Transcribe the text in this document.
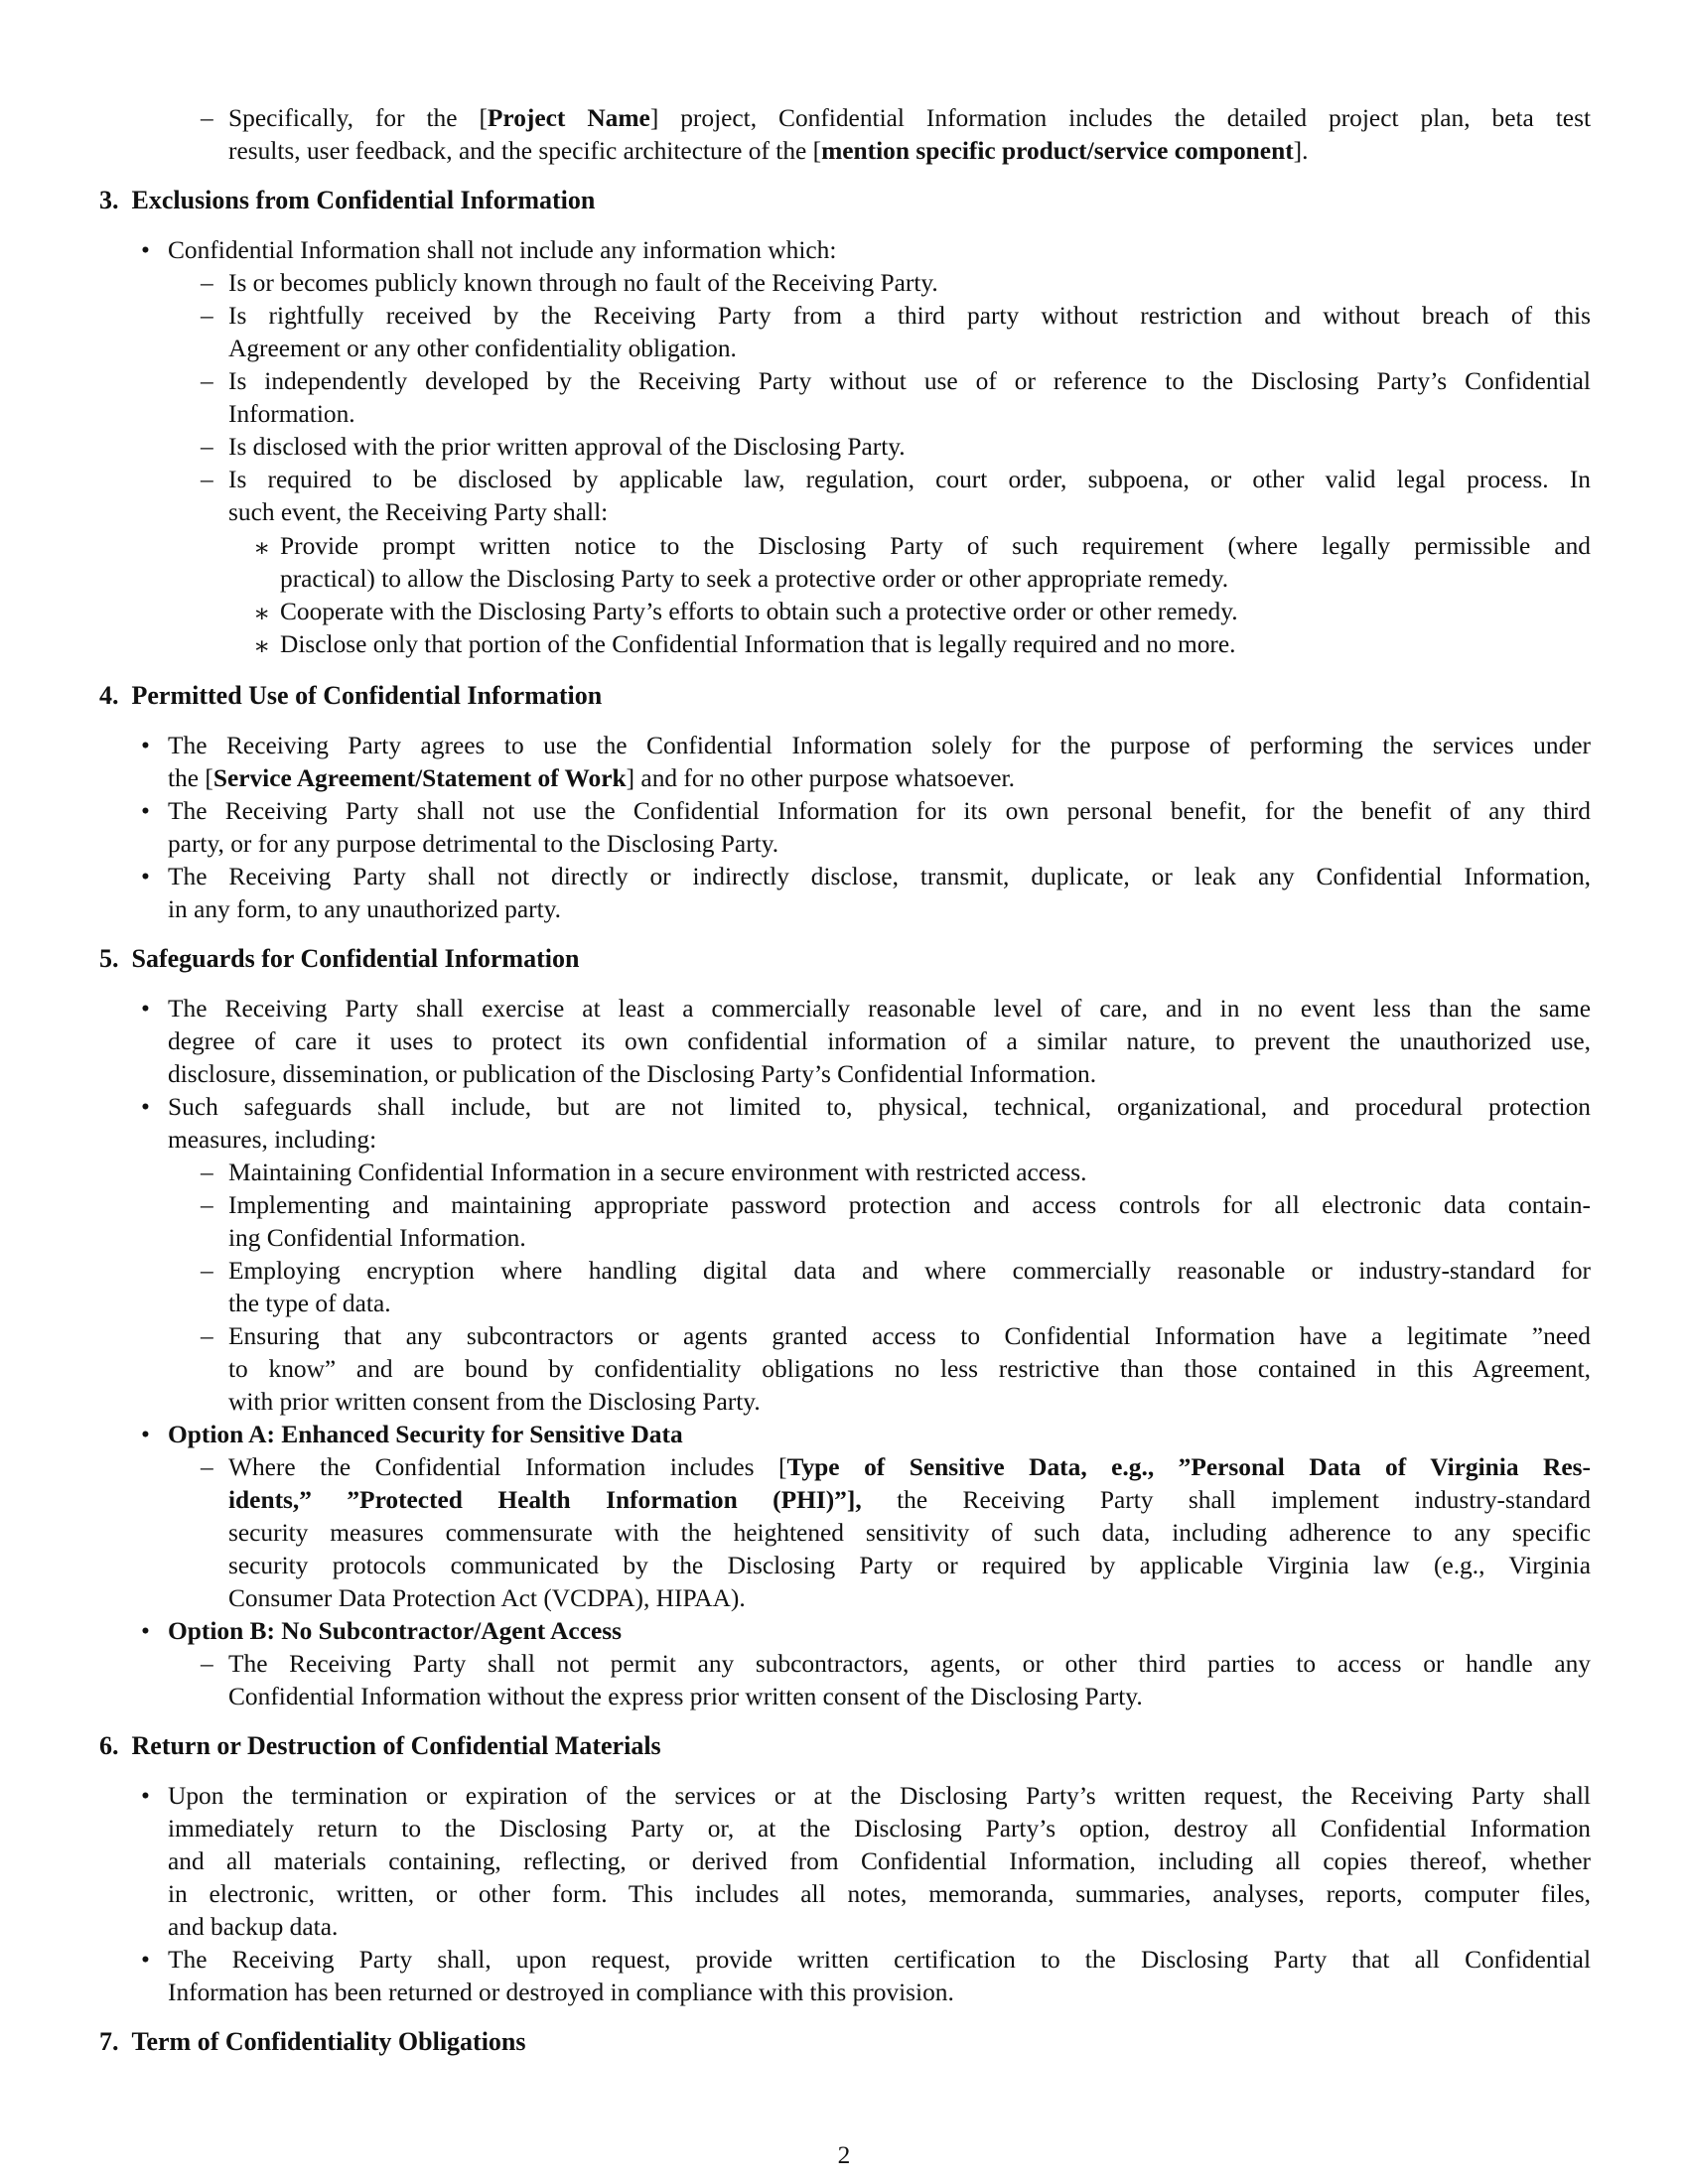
– Specifically, for the [Project Name] project, Confidential Information includes the detailed project plan, beta test
results, user feedback, and the specific architecture of the [mention specific product/service component].
3. Exclusions from Confidential Information
• Confidential Information shall not include any information which:
– Is or becomes publicly known through no fault of the Receiving Party.
– Is rightfully received by the Receiving Party from a third party without restriction and without breach of this
Agreement or any other confidentiality obligation.
– Is independently developed by the Receiving Party without use of or reference to the Disclosing Party’s Confidential
Information.
– Is disclosed with the prior written approval of the Disclosing Party.
– Is required to be disclosed by applicable law, regulation, court order, subpoena, or other valid legal process. In
such event, the Receiving Party shall:
∗ Provide prompt written notice to the Disclosing Party of such requirement (where legally permissible and
practical) to allow the Disclosing Party to seek a protective order or other appropriate remedy.
∗ Cooperate with the Disclosing Party’s efforts to obtain such a protective order or other remedy.
∗ Disclose only that portion of the Confidential Information that is legally required and no more.
4. Permitted Use of Confidential Information
• The Receiving Party agrees to use the Confidential Information solely for the purpose of performing the services under
the [Service Agreement/Statement of Work] and for no other purpose whatsoever.
• The Receiving Party shall not use the Confidential Information for its own personal benefit, for the benefit of any third
party, or for any purpose detrimental to the Disclosing Party.
• The Receiving Party shall not directly or indirectly disclose, transmit, duplicate, or leak any Confidential Information,
in any form, to any unauthorized party.
5. Safeguards for Confidential Information
• The Receiving Party shall exercise at least a commercially reasonable level of care, and in no event less than the same
degree of care it uses to protect its own confidential information of a similar nature, to prevent the unauthorized use,
disclosure, dissemination, or publication of the Disclosing Party’s Confidential Information.
• Such safeguards shall include, but are not limited to, physical, technical, organizational, and procedural protection
measures, including:
– Maintaining Confidential Information in a secure environment with restricted access.
– Implementing and maintaining appropriate password protection and access controls for all electronic data contain-
ing Confidential Information.
– Employing encryption where handling digital data and where commercially reasonable or industry-standard for
the type of data.
– Ensuring that any subcontractors or agents granted access to Confidential Information have a legitimate ”need
to know” and are bound by confidentiality obligations no less restrictive than those contained in this Agreement,
with prior written consent from the Disclosing Party.
• Option A: Enhanced Security for Sensitive Data
– Where the Confidential Information includes [Type of Sensitive Data, e.g., ”Personal Data of Virginia Res-
idents,” ”Protected Health Information (PHI)”], the Receiving Party shall implement industry-standard
security measures commensurate with the heightened sensitivity of such data, including adherence to any specific
security protocols communicated by the Disclosing Party or required by applicable Virginia law (e.g., Virginia
Consumer Data Protection Act (VCDPA), HIPAA).
• Option B: No Subcontractor/Agent Access
– The Receiving Party shall not permit any subcontractors, agents, or other third parties to access or handle any
Confidential Information without the express prior written consent of the Disclosing Party.
6. Return or Destruction of Confidential Materials
• Upon the termination or expiration of the services or at the Disclosing Party’s written request, the Receiving Party shall
immediately return to the Disclosing Party or, at the Disclosing Party’s option, destroy all Confidential Information
and all materials containing, reflecting, or derived from Confidential Information, including all copies thereof, whether
in electronic, written, or other form. This includes all notes, memoranda, summaries, analyses, reports, computer files,
and backup data.
• The Receiving Party shall, upon request, provide written certification to the Disclosing Party that all Confidential
Information has been returned or destroyed in compliance with this provision.
7. Term of Confidentiality Obligations
2
